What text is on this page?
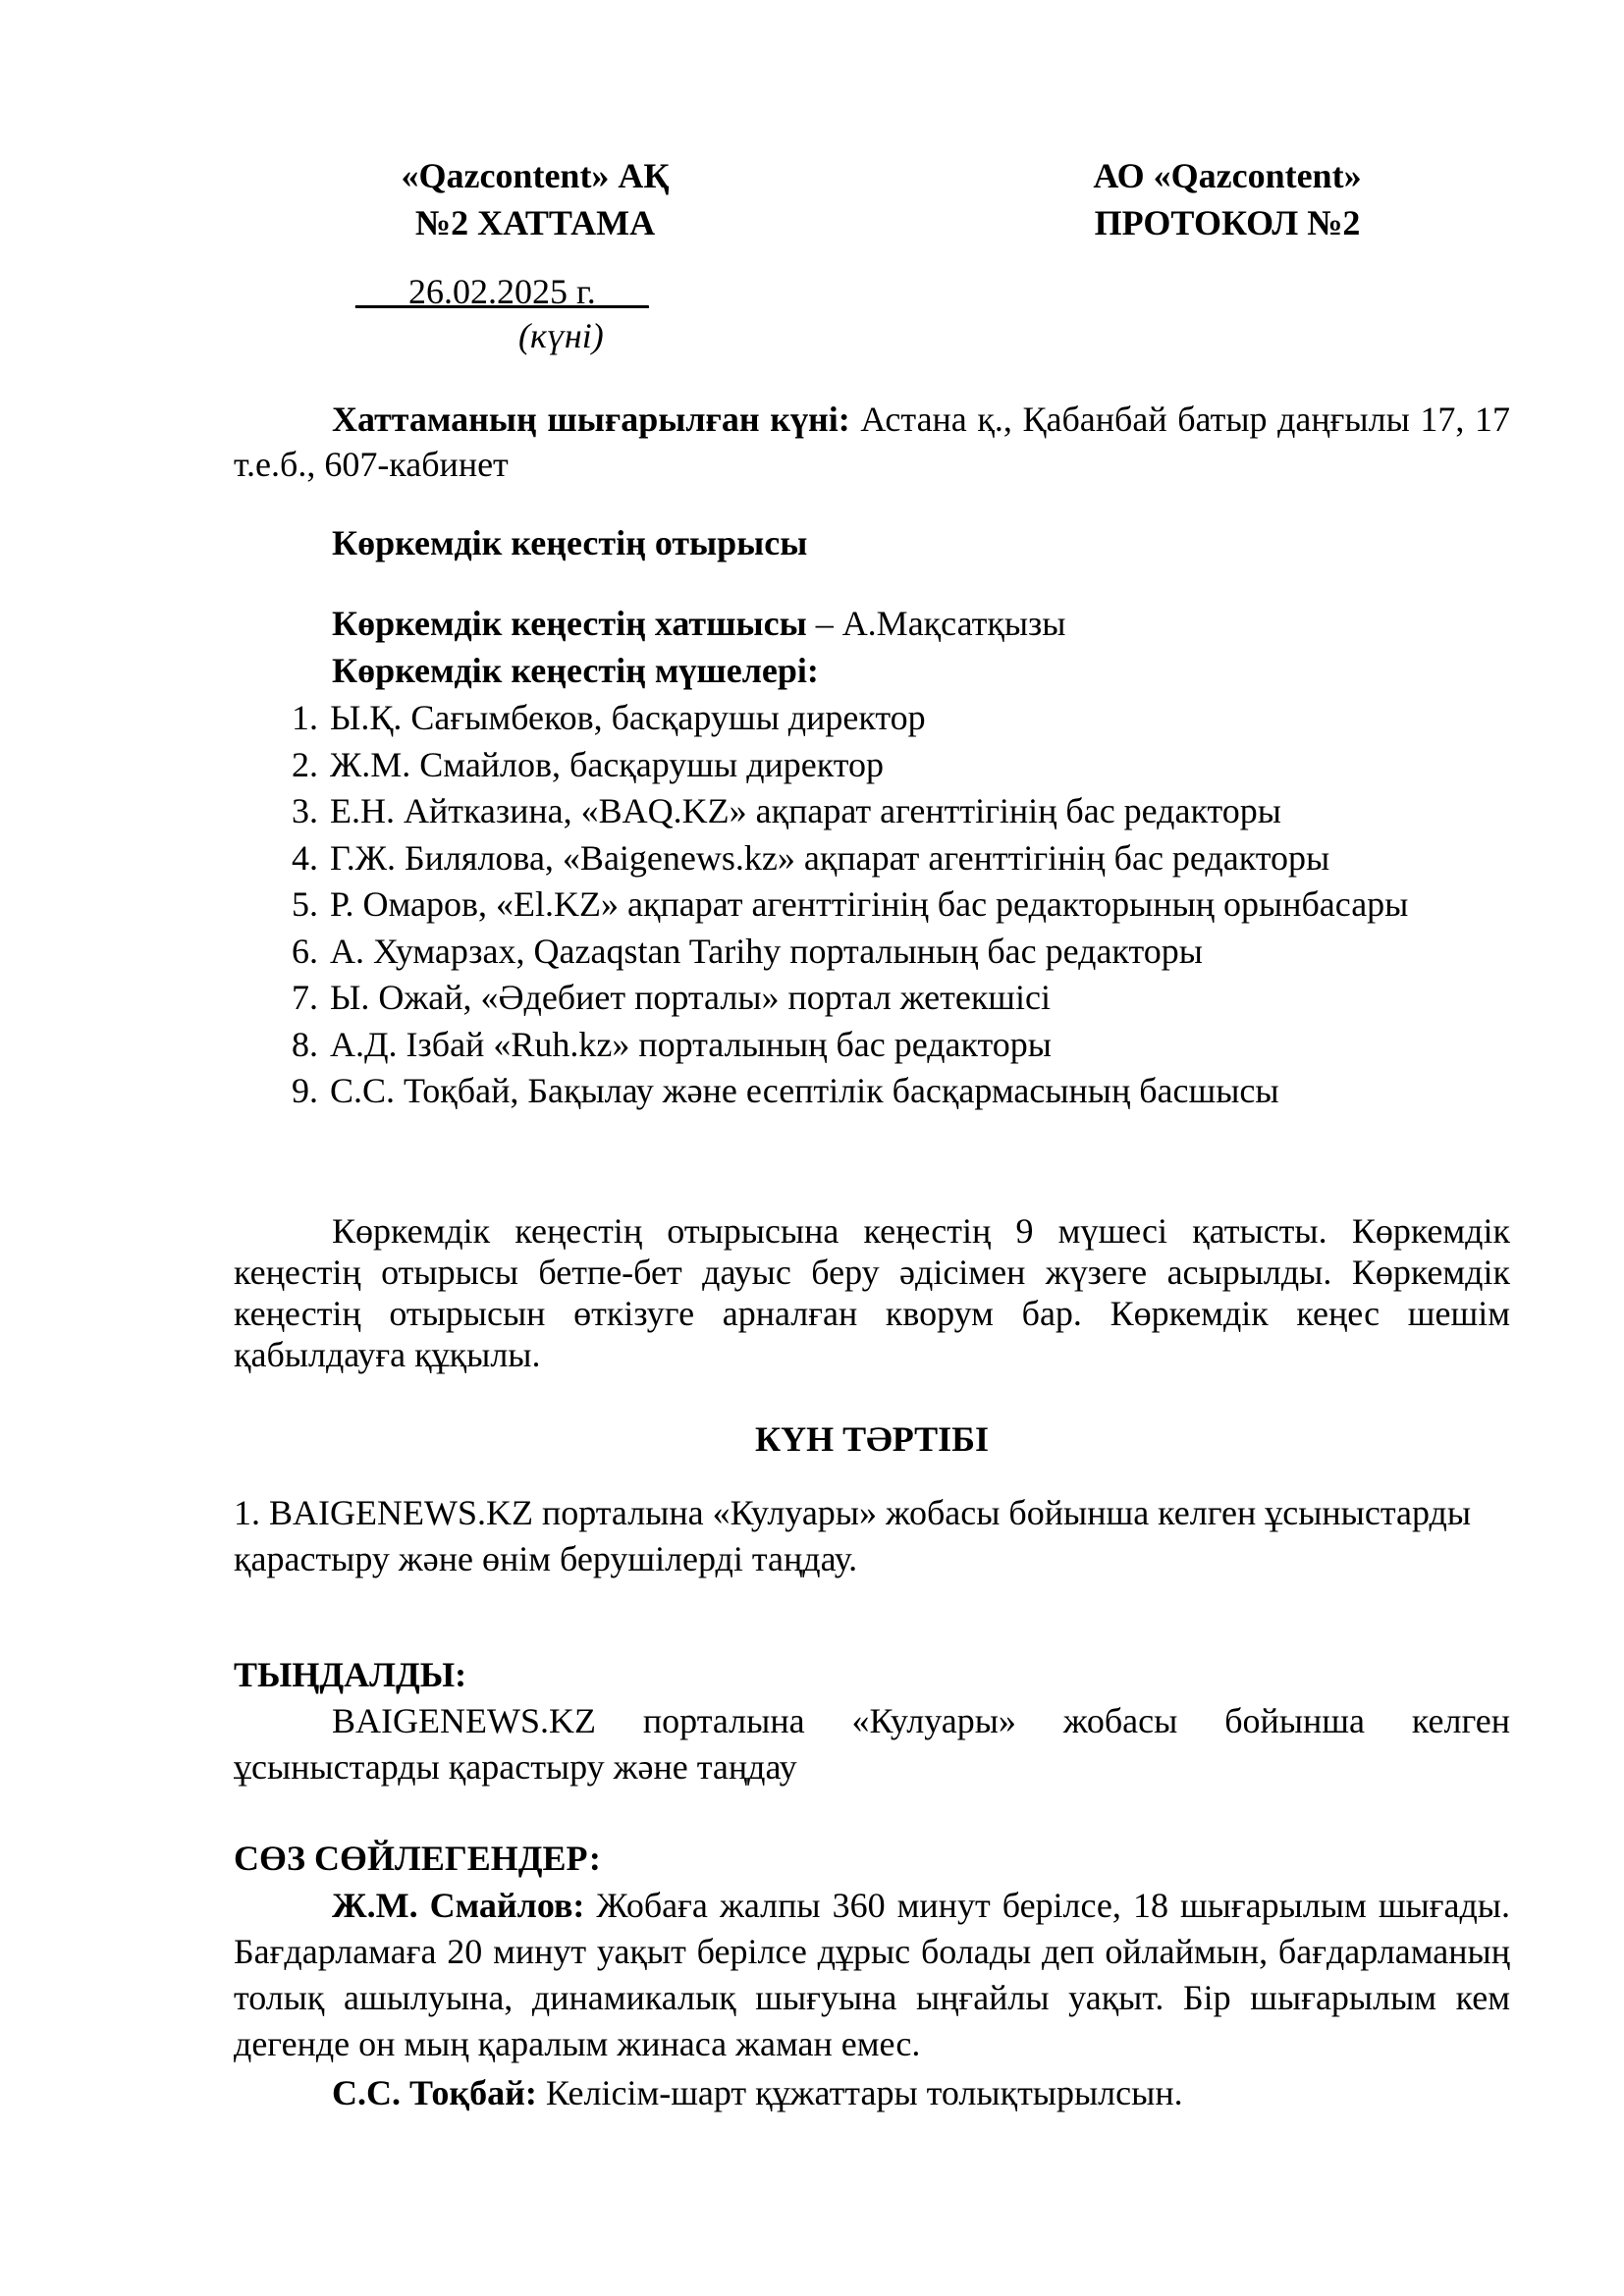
«Qazcontent» АҚ
№2 ХАТТАМА
АО «Qazcontent»
ПРОТОКОЛ №2
___26.02.2025 г.___
(күні)
Хаттаманың шығарылған күні: Астана қ., Қабанбай батыр даңғылы 17, 17 т.е.б., 607-кабинет
Көркемдік кеңестің отырысы
Көркемдік кеңестің хатшысы – А.Мақсатқызы
Көркемдік кеңестің мүшелері:
1. Ы.Қ. Сағымбеков, басқарушы директор
2. Ж.М. Смайлов, басқарушы директор
3. Е.Н. Айтказина, «BAQ.KZ» ақпарат агенттігінің бас редакторы
4. Г.Ж. Билялова, «Baigenews.kz» ақпарат агенттігінің бас редакторы
5. Р. Омаров, «El.KZ» ақпарат агенттігінің бас редакторының орынбасары
6. А. Хумарзах, Qazaqstan Tarihy порталының бас редакторы
7. Ы. Ожай, «Әдебиет порталы» портал жетекшісі
8. А.Д. Ізбай «Ruh.kz» порталының бас редакторы
9. С.С. Тоқбай, Бақылау және есептілік басқармасының басшысы
Көркемдік кеңестің отырысына кеңестің 9 мүшесі қатысты. Көркемдік кеңестің отырысы бетпе-бет дауыс беру әдісімен жүзеге асырылды. Көркемдік кеңестің отырысын өткізуге арналған кворум бар. Көркемдік кеңес шешім қабылдауға құқылы.
КҮН ТӘРТІБІ
1. BAIGENEWS.KZ порталына «Кулуары» жобасы бойынша келген ұсыныстарды қарастыру және өнім берушілерді таңдау.
ТЫҢДАЛДЫ:
BAIGENEWS.KZ порталына «Кулуары» жобасы бойынша келген ұсыныстарды қарастыру және таңдау
СӨЗ СӨЙЛЕГЕНДЕР:
Ж.М. Смайлов: Жобаға жалпы 360 минут берілсе, 18 шығарылым шығады. Бағдарламаға 20 минут уақыт берілсе дұрыс болады деп ойлаймын, бағдарламаның толық ашылуына, динамикалық шығуына ыңғайлы уақыт. Бір шығарылым кем дегенде он мың қаралым жинаса жаман емес.
С.С. Тоқбай: Келісім-шарт құжаттары толықтырылсын.
